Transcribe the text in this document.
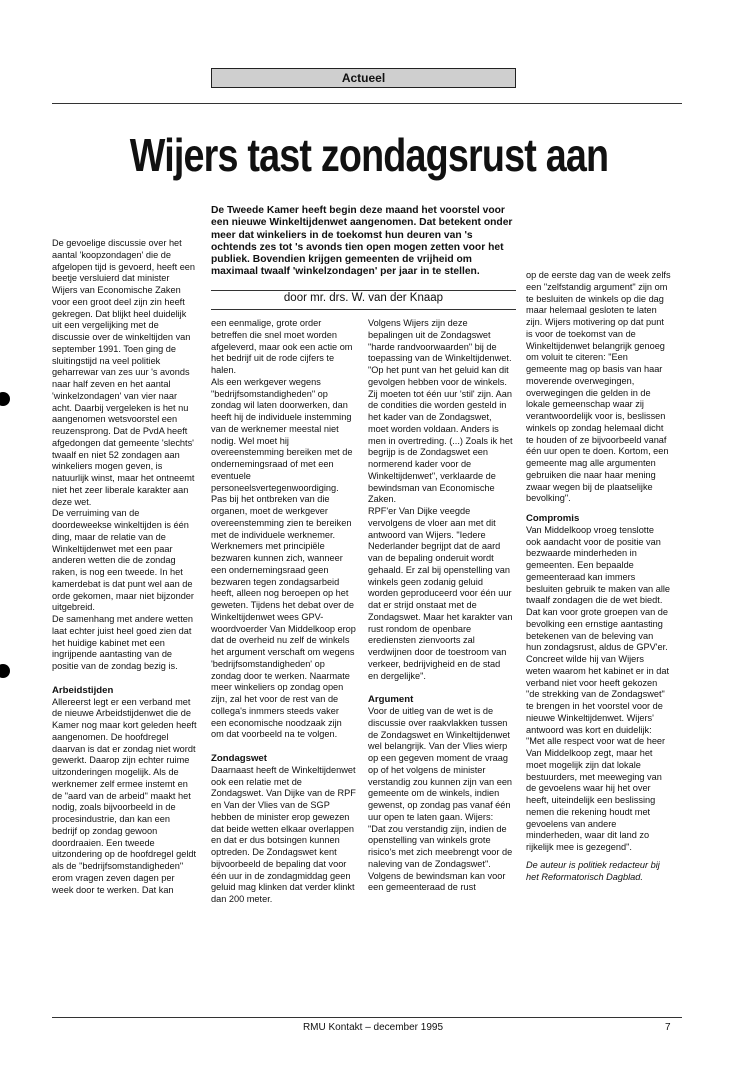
Actueel
Wijers tast zondagsrust aan
De Tweede Kamer heeft begin deze maand het voorstel voor een nieuwe Winkeltijdenwet aangenomen. Dat betekent onder meer dat winkeliers in de toekomst hun deuren van 's ochtends zes tot 's avonds tien open mogen zetten voor het publiek. Bovendien krijgen gemeenten de vrijheid om maximaal twaalf 'winkelzondagen' per jaar in te stellen.
door mr. drs. W. van der Knaap

De gevoelige discussie over het aantal 'koopzondagen' die de afgelopen tijd is gevoerd, heeft een beetje versluierd dat minister Wijers van Economische Zaken voor een groot deel zijn zin heeft gekregen. Dat blijkt heel duidelijk uit een vergelijking met de discussie over de winkeltijden van september 1991. Toen ging de sluitingstijd na veel politiek geharrewar van zes uur 's avonds naar half zeven en het aantal 'winkelzondagen' van vier naar acht. Daarbij vergeleken is het nu aangenomen wetsvoorstel een reuzensprong. Dat de PvdA heeft afgedongen dat gemeente 'slechts' twaalf en niet 52 zondagen aan winkeliers mogen geven, is natuurlijk winst, maar het ontneemt niet het zeer liberale karakter aan deze wet.

De verruiming van de doordeweekse winkeltijden is één ding, maar de relatie van de Winkeltijdenwet met een paar anderen wetten die de zondag raken, is nog een tweede. In het kamerdebat is dat punt wel aan de orde gekomen, maar niet bijzonder uitgebreid.

De samenhang met andere wetten laat echter juist heel goed zien dat het huidige kabinet met een ingrijpende aantasting van de positie van de zondag bezig is.

Arbeidstijden

Allereerst legt er een verband met de nieuwe Arbeidstijdenwet die de Kamer nog maar kort geleden heeft aangenomen. De hoofdregel daarvan is dat er zondag niet wordt gewerkt. Daarop zijn echter ruime uitzonderingen mogelijk. Als de werknemer zelf ermee instemt en de "aard van de arbeid" maakt het nodig, zoals bijvoorbeeld in de procesindustrie, dan kan een bedrijf op zondag gewoon doordraaien. Een tweede uitzondering op de hoofdregel geldt als de "bedrijfsomstandigheden" erom vragen zeven dagen per week door te werken. Dat kan

een eenmalige, grote order betreffen die snel moet worden afgeleverd, maar ook een actie om het bedrijf uit de rode cijfers te halen.

Als een werkgever wegens "bedrijfsomstandigheden" op zondag wil laten doorwerken, dan heeft hij de individuele instemming van de werknemer meestal niet nodig. Wel moet hij overeenstemming bereiken met de ondernemingsraad of met een eventuele personeelsvertegenwoordiging. Pas bij het ontbreken van die organen, moet de werkgever overeenstemming zien te bereiken met de individuele werknemer. Werknemers met principiële bezwaren kunnen zich, wanneer een ondernemingsraad geen bezwaren tegen zondagsarbeid heeft, alleen nog beroepen op het geweten. Tijdens het debat over de Winkeltijdenwet wees GPV-woordvoerder Van Middelkoop erop dat de overheid nu zelf de winkels het argument verschaft om wegens 'bedrijfsomstandigheden' op zondag door te werken. Naarmate meer winkeliers op zondag open zijn, zal het voor de rest van de collega's inmmers steeds vaker een economische noodzaak zijn om dat voorbeeld na te volgen.

Zondagswet

Daarnaast heeft de Winkeltijdenwet ook een relatie met de Zondagswet. Van Dijke van de RPF en Van der Vlies van de SGP hebben de minister erop gewezen dat beide wetten elkaar overlappen en dat er dus botsingen kunnen optreden. De Zondagswet kent bijvoorbeeld de bepaling dat voor één uur in de zondagmiddag geen geluid mag klinken dat verder klinkt dan 200 meter.

Volgens Wijers zijn deze bepalingen uit de Zondagswet "harde randvoorwaarden" bij de toepassing van de Winkeltijdenwet. "Op het punt van het geluid kan dit gevolgen hebben voor de winkels. Zij moeten tot één uur 'stil' zijn. Aan de condities die worden gesteld in het kader van de Zondagswet, moet worden voldaan. Anders is men in overtreding. (...) Zoals ik het begrijp is de Zondagswet een normerend kader voor de Winkeltijdenwet", verklaarde de bewindsman van Economische Zaken.

RPF'er Van Dijke veegde vervolgens de vloer aan met dit antwoord van Wijers. "Iedere Nederlander begrijpt dat de aard van de bepaling onderuit wordt gehaald. Er zal bij openstelling van winkels geen zodanig geluid worden geproduceerd voor één uur dat er strijd onstaat met de Zondagswet. Maar het karakter van rust rondom de openbare erediensten zienvoorts zal verdwijnen door de toestroom van verkeer, bedrijvigheid en de stad en dergelijke".

Argument

Voor de uitleg van de wet is de discussie over raakvlakken tussen de Zondagswet en Winkeltijdenwet wel belangrijk. Van der Vlies wierp op een gegeven moment de vraag op of het volgens de minister verstandig zou kunnen zijn van een gemeente om de winkels, indien gewenst, op zondag pas vanaf één uur open te laten gaan. Wijers: "Dat zou verstandig zijn, indien de openstelling van winkels grote risico's met zich meebrengt voor de naleving van de Zondagswet".

Volgens de bewindsman kan voor een gemeenteraad de rust

op de eerste dag van de week zelfs een "zelfstandig argument" zijn om te besluiten de winkels op die dag maar helemaal gesloten te laten zijn. Wijers motivering op dat punt is voor de toekomst van de Winkeltijdenwet belangrijk genoeg om voluit te citeren: "Een gemeente mag op basis van haar moverende overwegingen, overwegingen die gelden in de lokale gemeenschap waar zij verantwoordelijk voor is, beslissen winkels op zondag helemaal dicht te houden of ze bijvoorbeeld vanaf één uur open te doen. Kortom, een gemeente mag alle argumenten gebruiken die naar haar mening zwaar wegen bij de plaatselijke bevolking".

Compromis

Van Middelkoop vroeg tenslotte ook aandacht voor de positie van bezwaarde minderheden in gemeenten. Een bepaalde gemeenteraad kan immers besluiten gebruik te maken van alle twaalf zondagen die de wet biedt. Dat kan voor grote groepen van de bevolking een ernstige aantasting betekenen van de beleving van hun zondagsrust, aldus de GPV'er.

Concreet wilde hij van Wijers weten waarom het kabinet er in dat verband niet voor heeft gekozen "de strekking van de Zondagswet" te brengen in het voorstel voor de nieuwe Winkeltijdenwet. Wijers' antwoord was kort en duidelijk: "Met alle respect voor wat de heer Van Middelkoop zegt, maar het moet mogelijk zijn dat lokale bestuurders, met meeweging van de gevoelens waar hij het over heeft, uiteindelijk een beslissing nemen die rekening houdt met gevoelens van andere minderheden, waar dit land zo rijkelijk mee is gezegend".

De auteur is politiek redacteur bij het Reformatorisch Dagblad.

RMU Kontakt – december 1995	7
